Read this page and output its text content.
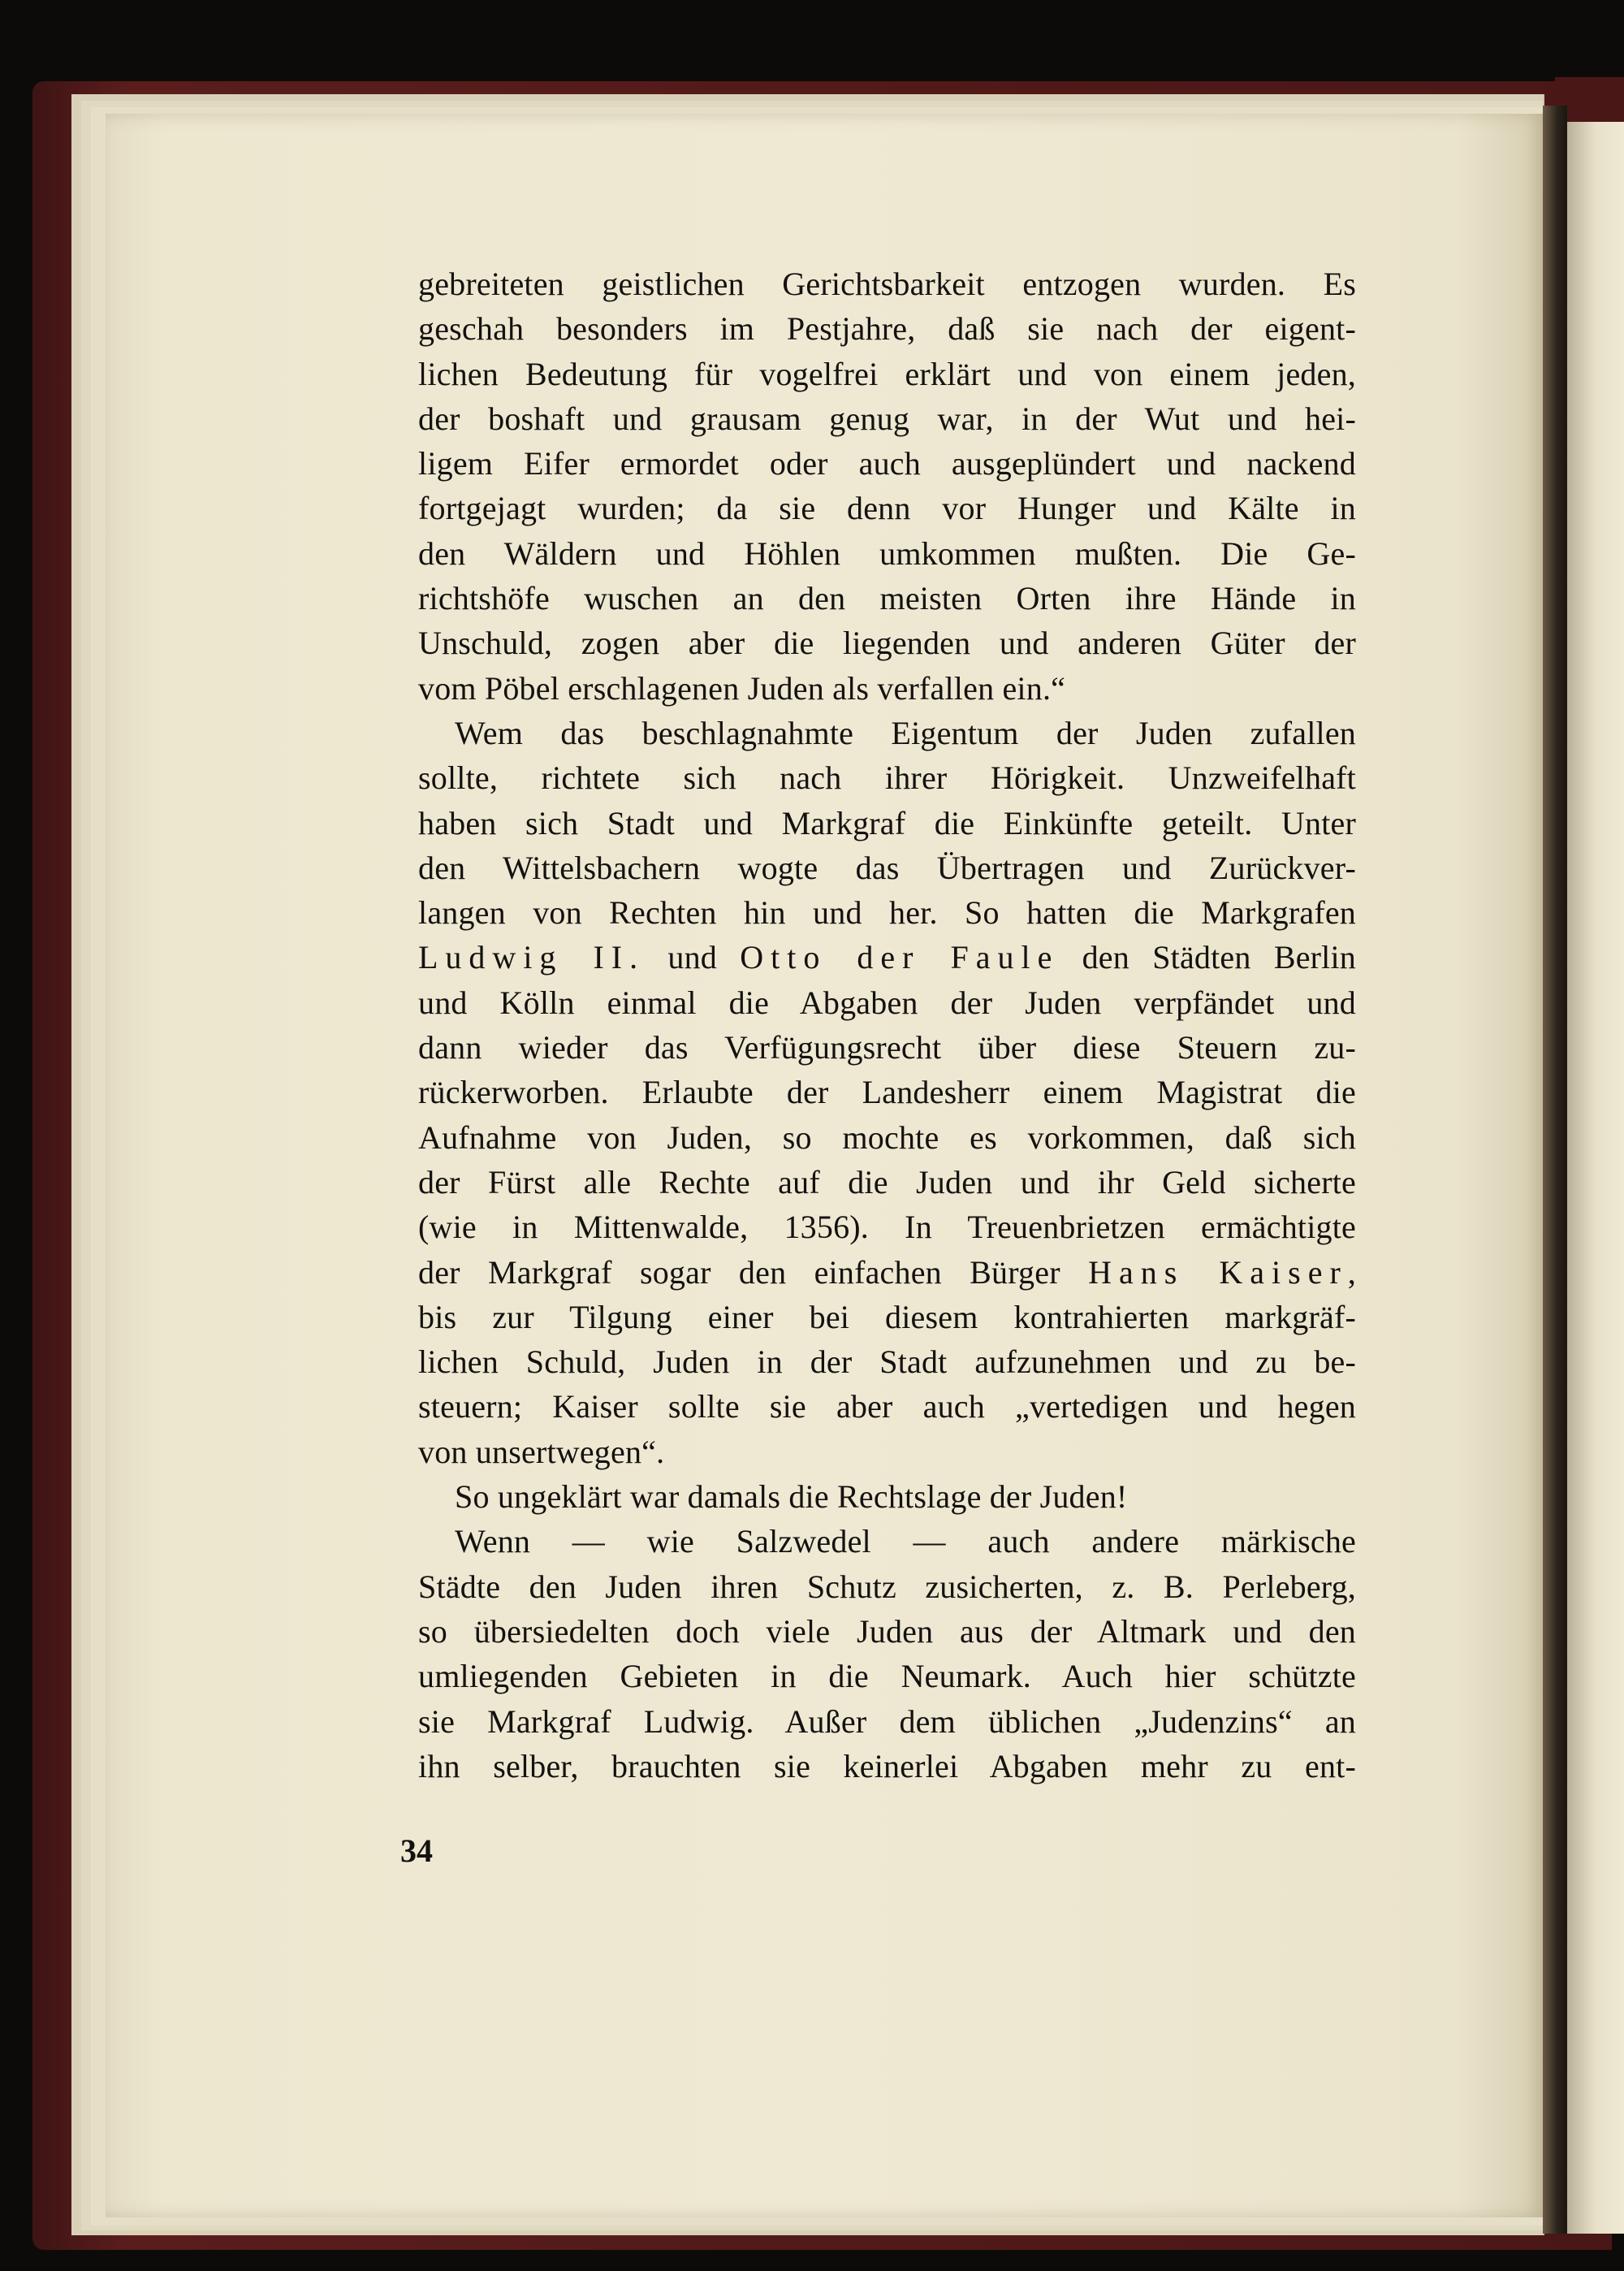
gebreiteten geistlichen Gerichtsbarkeit entzogen wurden. Es
geschah besonders im Pestjahre, daß sie nach der eigent-
lichen Bedeutung für vogelfrei erklärt und von einem jeden,
der boshaft und grausam genug war, in der Wut und hei-
ligem Eifer ermordet oder auch ausgeplündert und nackend
fortgejagt wurden; da sie denn vor Hunger und Kälte in
den Wäldern und Höhlen umkommen mußten. Die Ge-
richtshöfe wuschen an den meisten Orten ihre Hände in
Unschuld, zogen aber die liegenden und anderen Güter der
vom Pöbel erschlagenen Juden als verfallen ein.“
Wem das beschlagnahmte Eigentum der Juden zufallen
sollte, richtete sich nach ihrer Hörigkeit. Unzweifelhaft
haben sich Stadt und Markgraf die Einkünfte geteilt. Unter
den Wittelsbachern wogte das Übertragen und Zurückver-
langen von Rechten hin und her. So hatten die Markgrafen
Ludwig II. und Otto der Faule den Städten Berlin
und Kölln einmal die Abgaben der Juden verpfändet und
dann wieder das Verfügungsrecht über diese Steuern zu-
rückerworben. Erlaubte der Landesherr einem Magistrat die
Aufnahme von Juden, so mochte es vorkommen, daß sich
der Fürst alle Rechte auf die Juden und ihr Geld sicherte
(wie in Mittenwalde, 1356). In Treuenbrietzen ermächtigte
der Markgraf sogar den einfachen Bürger Hans Kaiser,
bis zur Tilgung einer bei diesem kontrahierten markgräf-
lichen Schuld, Juden in der Stadt aufzunehmen und zu be-
steuern; Kaiser sollte sie aber auch „vertedigen und hegen
von unsertwegen“.
So ungeklärt war damals die Rechtslage der Juden!
Wenn — wie Salzwedel — auch andere märkische
Städte den Juden ihren Schutz zusicherten, z. B. Perleberg,
so übersiedelten doch viele Juden aus der Altmark und den
umliegenden Gebieten in die Neumark. Auch hier schützte
sie Markgraf Ludwig. Außer dem üblichen „Judenzins“ an
ihn selber, brauchten sie keinerlei Abgaben mehr zu ent-
34
